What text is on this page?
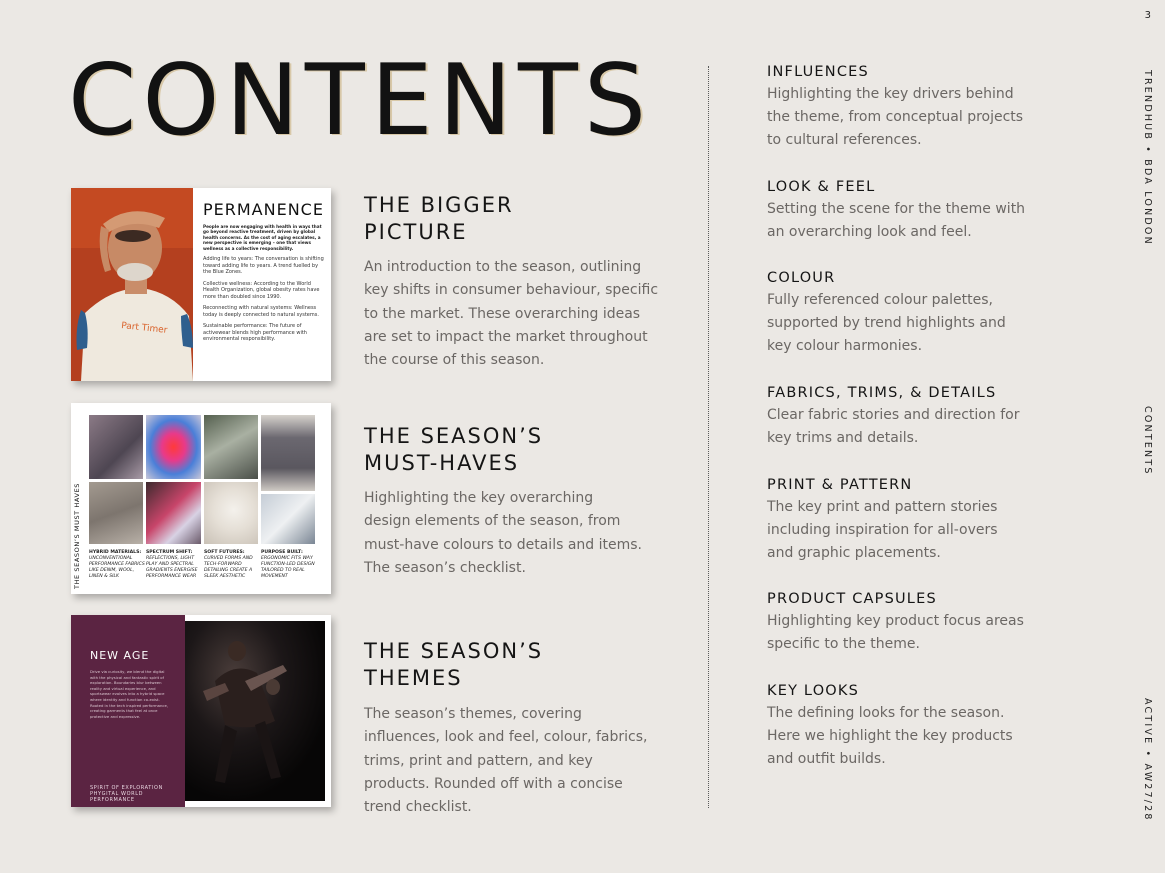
3
TRENDHUB • BDA LONDON
CONTENTS
ACTIVE • AW27/28
CONTENTS
Part Timer
PERMANENCE
People are now engaging with health in ways that go beyond reactive treatment, driven by global health concerns. As the cost of aging escalates, a new perspective is emerging – one that views wellness as a collective responsibility.
Adding life to years: The conversation is shifting toward adding life to years. A trend fuelled by the Blue Zones.
Collective wellness: According to the World Health Organization, global obesity rates have more than doubled since 1990.
Reconnecting with natural systems: Wellness today is deeply connected to natural systems.
Sustainable performance: The future of activewear blends high performance with environmental responsibility.
THE BIGGER PICTURE

An introduction to the season, outlining key shifts in consumer behaviour, specific to the market. These overarching ideas are set to impact the market throughout the course of this season.

THE SEASON’S MUST HAVES HYBRID MATERIALS:
UNCONVENTIONAL PERFORMANCE FABRICS LIKE DENIM, WOOL, LINEN & SILK
SPECTRUM SHIFT:
REFLECTIONS, LIGHT PLAY AND SPECTRAL GRADIENTS ENERGISE PERFORMANCE WEAR
SOFT FUTURES:
CURVED FORMS AND TECH-FORWARD DETAILING CREATE A SLEEK AESTHETIC
PURPOSE BUILT:
ERGONOMIC FITS WAY FUNCTION-LED DESIGN TAILORED TO REAL MOVEMENT
THE SEASON’S MUST-HAVES

Highlighting the key overarching design elements of the season, from must-have colours to details and items. The season’s checklist.

NEW AGE
Drive via curiosity, we blend the digital with the physical and fantastic spirit of exploration. Boundaries blur between reality and virtual experience, and sportswear evolves into a hybrid space where identity and function co-exist. Rooted in the tech inspired performance, creating garments that feel at once protective and expressive.
SPIRIT OF EXPLORATION
PHYGITAL WORLD
PERFORMANCE
THE SEASON’S THEMES

The season’s themes, covering influences, look and feel, colour, fabrics, trims, print and pattern, and key products. Rounded off with a concise trend checklist.

INFLUENCES

Highlighting the key drivers behind the theme, from conceptual projects to cultural references.

LOOK & FEEL

Setting the scene for the theme with an overarching look and feel.

COLOUR

Fully referenced colour palettes, supported by trend highlights and key colour harmonies.

FABRICS, TRIMS, & DETAILS

Clear fabric stories and direction for key trims and details.

PRINT & PATTERN

The key print and pattern stories including inspiration for all-overs and graphic placements.

PRODUCT CAPSULES

Highlighting key product focus areas specific to the theme.

KEY LOOKS

The defining looks for the season. Here we highlight the key products and outfit builds.
